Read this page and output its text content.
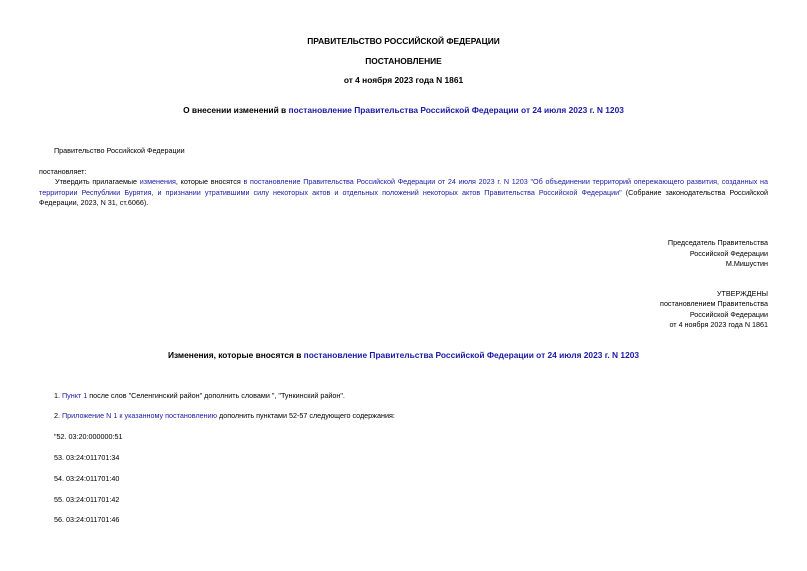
ПРАВИТЕЛЬСТВО РОССИЙСКОЙ ФЕДЕРАЦИИ
ПОСТАНОВЛЕНИЕ
от 4 ноября 2023 года N 1861
О внесении изменений в постановление Правительства Российской Федерации от 24 июля 2023 г. N 1203
Правительство Российской Федерации
постановляет:
Утвердить прилагаемые изменения, которые вносятся в постановление Правительства Российской Федерации от 24 июля 2023 г. N 1203 "Об объединении территорий опережающего развития, созданных на территории Республики Бурятия, и признании утратившими силу некоторых актов и отдельных положений некоторых актов Правительства Российской Федерации" (Собрание законодательства Российской Федерации, 2023, N 31, ст.6066).
Председатель Правительства
Российской Федерации
М.Мишустин
УТВЕРЖДЕНЫ
постановлением Правительства
Российской Федерации
от 4 ноября 2023 года N 1861
Изменения, которые вносятся в постановление Правительства Российской Федерации от 24 июля 2023 г. N 1203
1. Пункт 1 после слов "Селенгинский район" дополнить словами ", "Тункинский район".
2. Приложение N 1 к указанному постановлению дополнить пунктами 52-57 следующего содержания:
"52. 03:20:000000:51
53. 03:24:011701:34
54. 03:24:011701:40
55. 03:24:011701:42
56. 03:24:011701:46
